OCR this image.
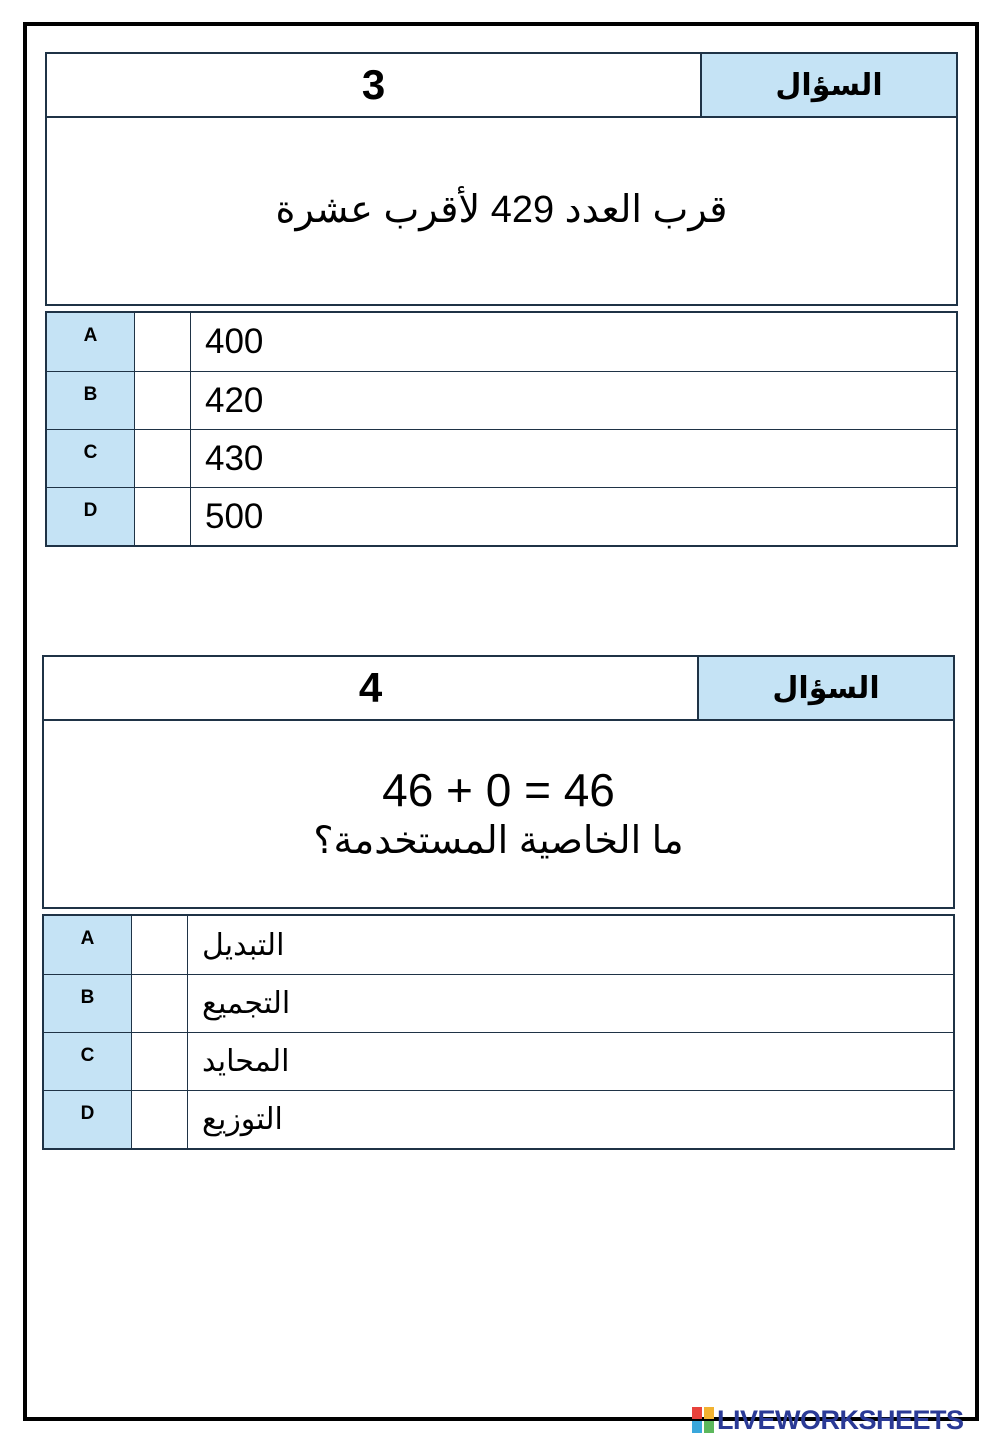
3	السؤال
قرب العدد 429 لأقرب عشرة
A	400
B	420
C	430
D	500
4	السؤال
46 + 0 = 46
ما الخاصية المستخدمة؟
A	التبديل
B	التجميع
C	المحايد
D	التوزيع
LIVEWORKSHEETS
